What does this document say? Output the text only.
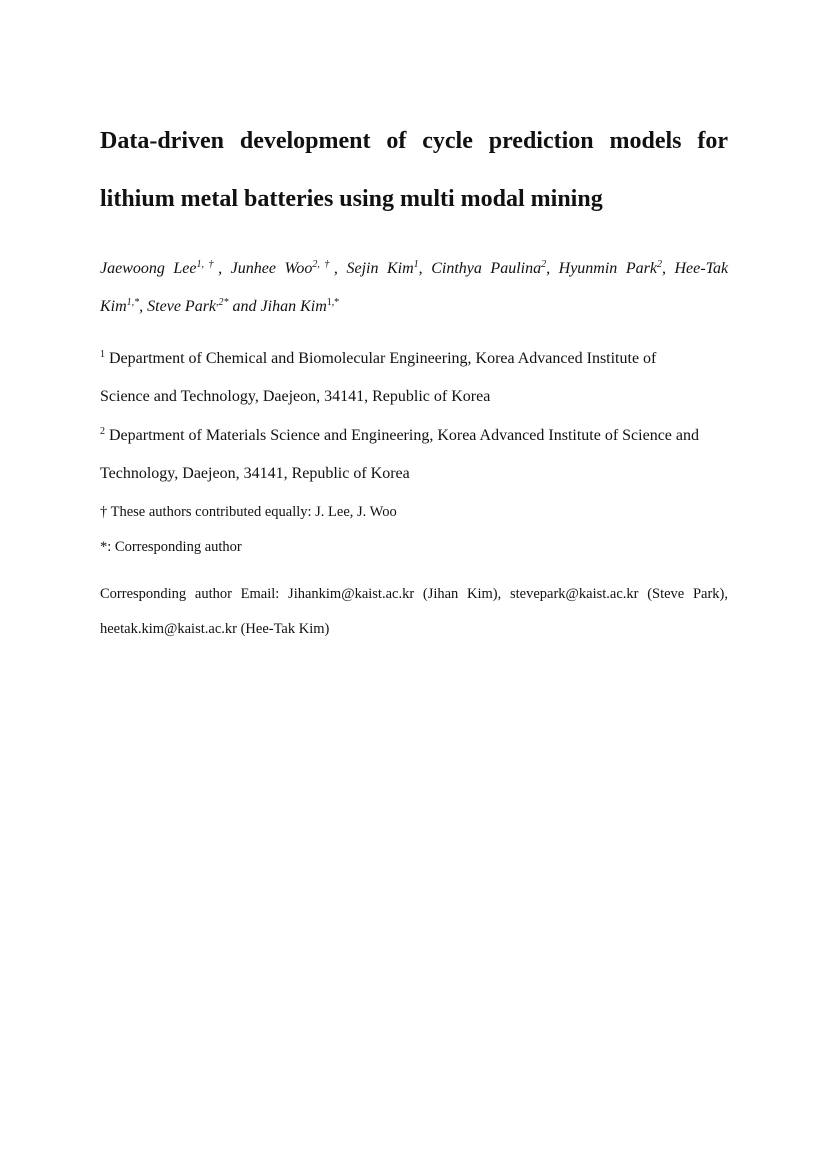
Data-driven development of cycle prediction models for
lithium metal batteries using multi modal mining
Jaewoong Lee$^{1,\dagger}$, Junhee Woo$^{2,\dagger}$, Sejin Kim$^1$, Cinthya Paulina$^2$, Hyunmin Park$^2$, Hee-Tak
Kim$^{1,*}$, Steve Park$^{,2*}$ and Jihan Kim$^{1,*}$
$^1$ Department of Chemical and Biomolecular Engineering, Korea Advanced Institute of
Science and Technology, Daejeon, 34141, Republic of Korea
$^2$ Department of Materials Science and Engineering, Korea Advanced Institute of Science and
Technology, Daejeon, 34141, Republic of Korea
† These authors contributed equally: J. Lee, J. Woo
*: Corresponding author
Corresponding author Email: Jihankim@kaist.ac.kr (Jihan Kim), stevepark@kaist.ac.kr (Steve Park),
heetak.kim@kaist.ac.kr (Hee-Tak Kim)
